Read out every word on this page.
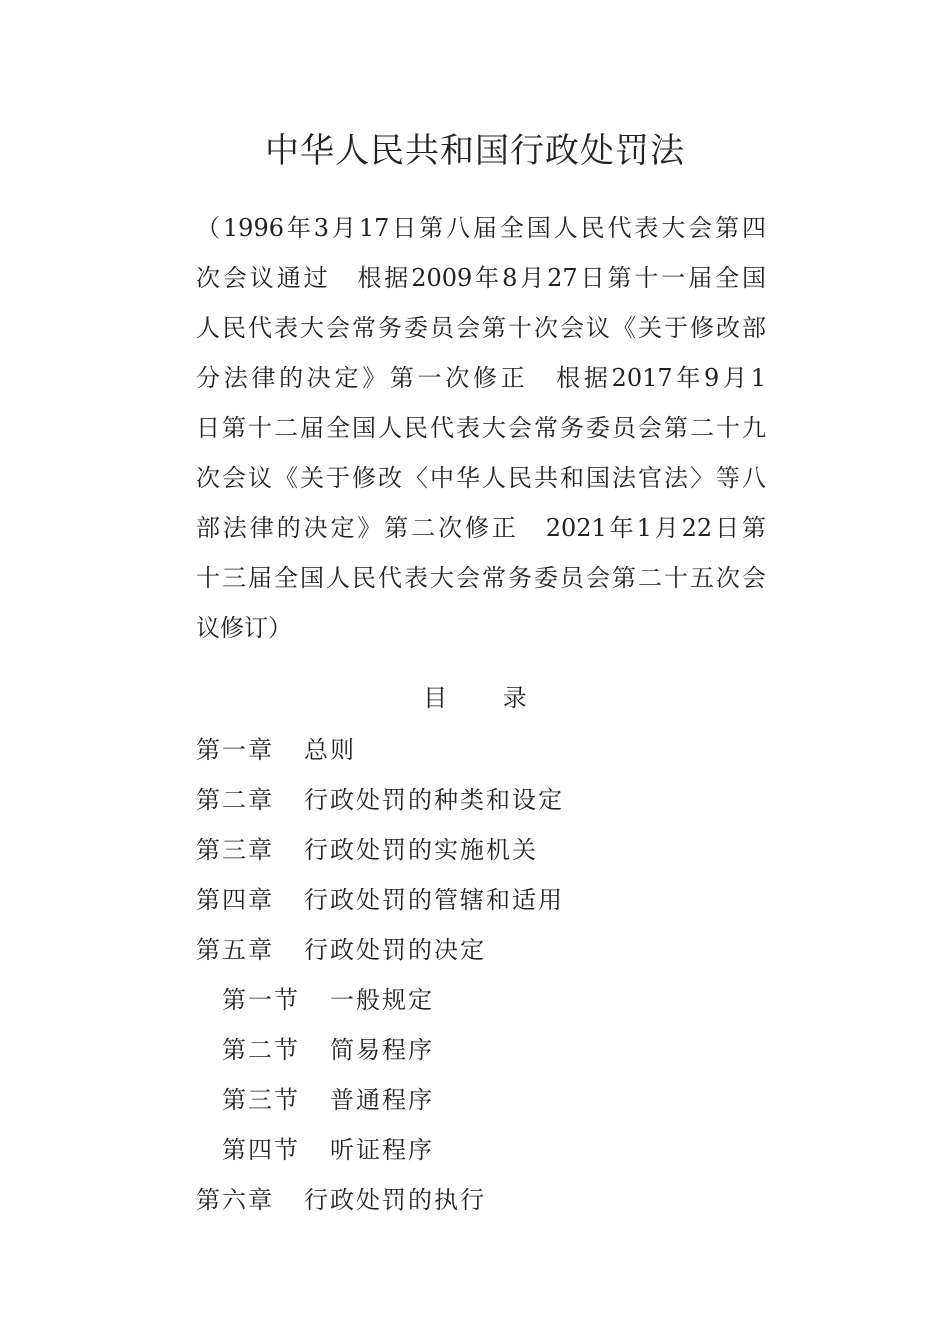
中华人民共和国行政处罚法
（1996年3月17日第八届全国人民代表大会第四
次会议通过　根据2009年8月27日第十一届全国
人民代表大会常务委员会第十次会议《关于修改部
分法律的决定》第一次修正　根据2017年9月1
日第十二届全国人民代表大会常务委员会第二十九
次会议《关于修改〈中华人民共和国法官法〉等八
部法律的决定》第二次修正　2021年1月22日第
十三届全国人民代表大会常务委员会第二十五次会
议修订）
目 录
第一章 总则
第二章 行政处罚的种类和设定
第三章 行政处罚的实施机关
第四章 行政处罚的管辖和适用
第五章 行政处罚的决定
第一节 一般规定
第二节 简易程序
第三节 普通程序
第四节 听证程序
第六章 行政处罚的执行
